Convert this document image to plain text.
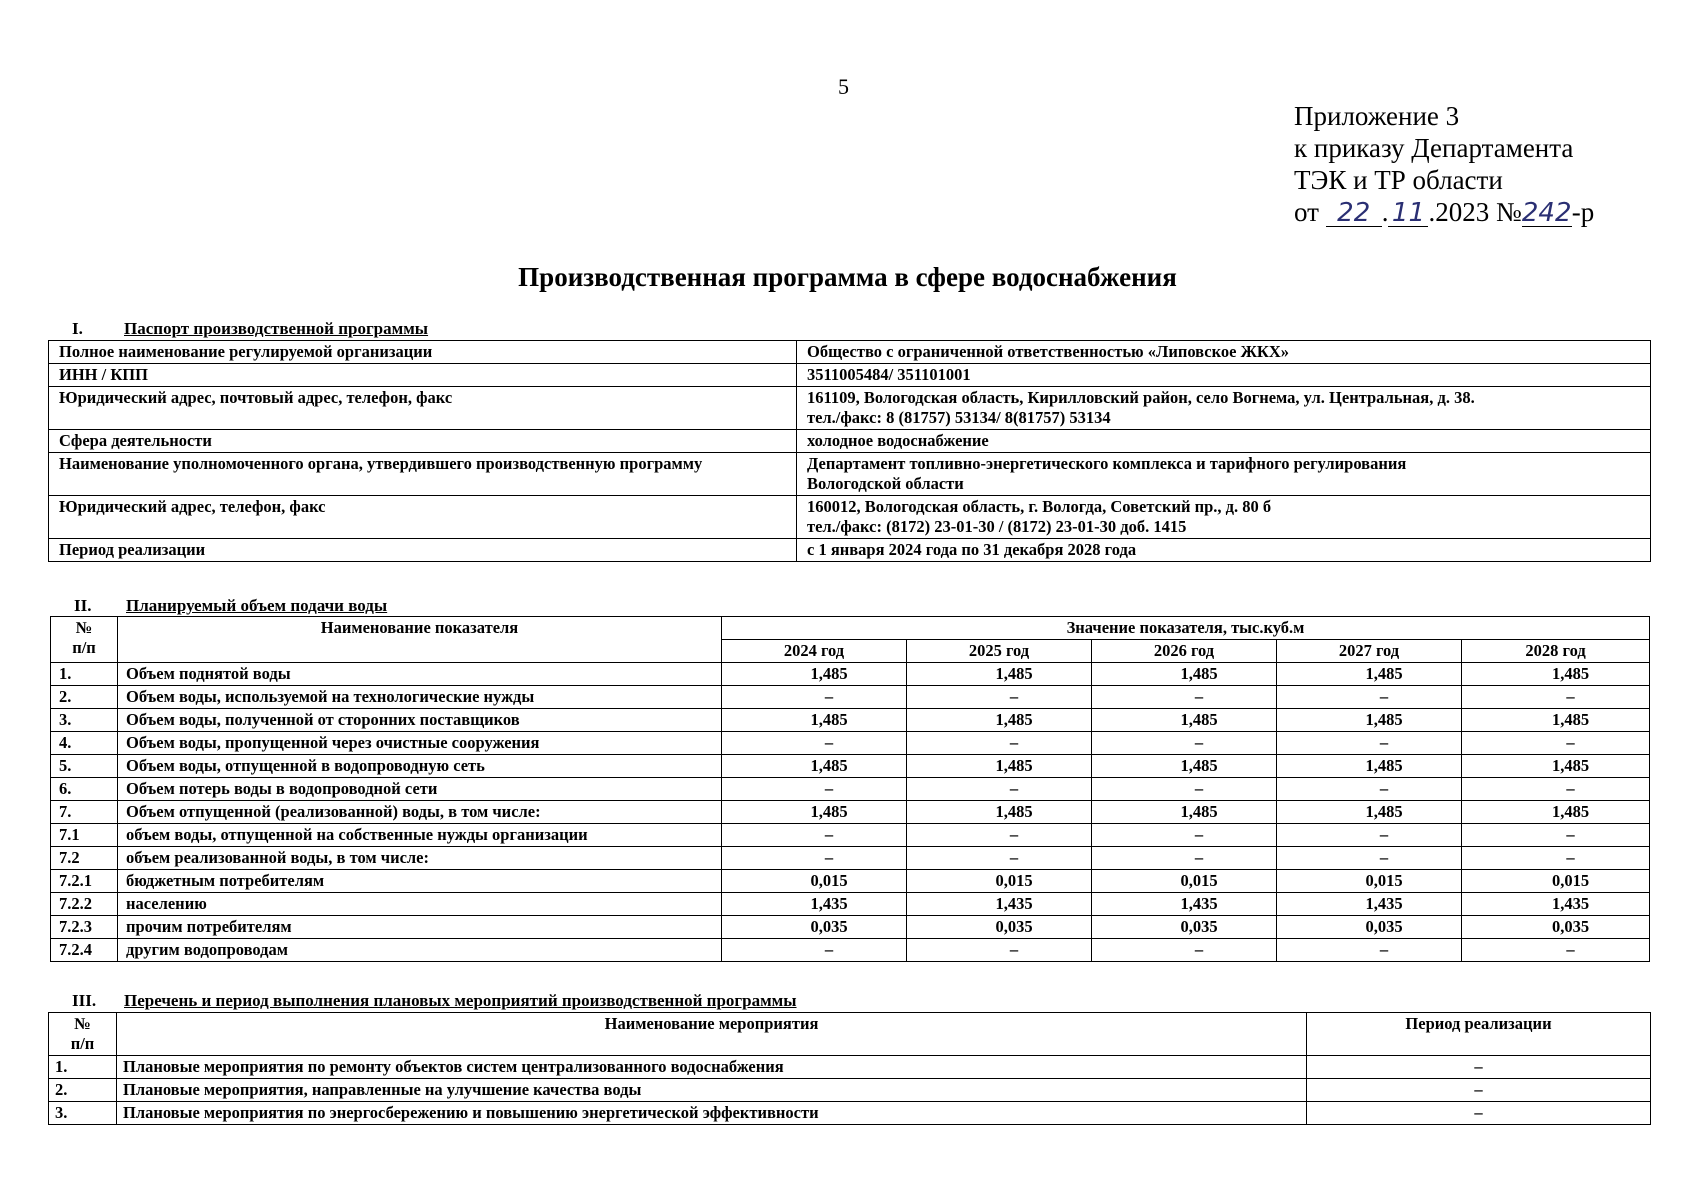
5
Приложение 3
к приказу Департамента
ТЭК и ТР области
от 22 . 11 .2023 №242-р
Производственная программа в сфере водоснабжения
I. Паспорт производственной программы
Полное наименование регулируемой организации	Общество с ограниченной ответственностью «Липовское ЖКХ»
ИНН / КПП	3511005484/ 351101001
Юридический адрес, почтовый адрес, телефон, факс	161109, Вологодская область, Кирилловский район, село Вогнема, ул. Центральная, д. 38.
тел./факс: 8 (81757) 53134/ 8(81757) 53134

Сфера деятельности	холодное водоснабжение
Наименование уполномоченного органа, утвердившего производственную программу	Департамент топливно-энергетического комплекса и тарифного регулирования
Вологодской области

Юридический адрес, телефон, факс	160012, Вологодская область, г. Вологда, Советский пр., д. 80 б
тел./факс: (8172) 23-01-30 / (8172) 23-01-30 доб. 1415

Период реализации	с 1 января 2024 года по 31 декабря 2028 года
II. Планируемый объем подачи воды
№
п/п	Наименование показателя	Значение показателя, тыс.куб.м				
		2024 год	2025 год	2026 год	2027 год	2028 год
1.	Объем поднятой воды	1,485	1,485	1,485	1,485	1,485
2.	Объем воды, используемой на технологические нужды	–	–	–	–	–
3.	Объем воды, полученной от сторонних поставщиков	1,485	1,485	1,485	1,485	1,485
4.	Объем воды, пропущенной через очистные сооружения	–	–	–	–	–
5.	Объем воды, отпущенной в водопроводную сеть	1,485	1,485	1,485	1,485	1,485
6.	Объем потерь воды в водопроводной сети	–	–	–	–	–
7.	Объем отпущенной (реализованной) воды, в том числе:	1,485	1,485	1,485	1,485	1,485
7.1	объем воды, отпущенной на собственные нужды организации	–	–	–	–	–
7.2	объем реализованной воды, в том числе:	–	–	–	–	–
7.2.1	бюджетным потребителям	0,015	0,015	0,015	0,015	0,015
7.2.2	населению	1,435	1,435	1,435	1,435	1,435
7.2.3	прочим потребителям	0,035	0,035	0,035	0,035	0,035
7.2.4	другим водопроводам	–	–	–	–	–
III. Перечень и период выполнения плановых мероприятий производственной программы
№
п/п	Наименование мероприятия	Период реализации
1.	Плановые мероприятия по ремонту объектов систем централизованного водоснабжения	–
2.	Плановые мероприятия, направленные на улучшение качества воды	–
3.	Плановые мероприятия по энергосбережению и повышению энергетической эффективности	–
